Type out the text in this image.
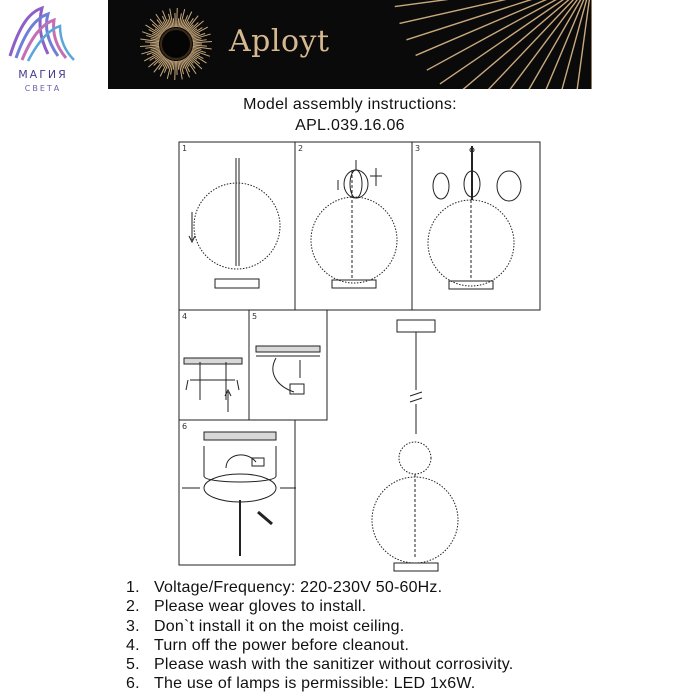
МАГИЯ
СВЕТА
Aployt
Model assembly instructions:
APL.039.16.06
1	2	3
4	5
6
1. Voltage/Frequency: 220-230V 50-60Hz.
2. Please wear gloves to install.
3. Don`t install it on the moist ceiling.
4. Turn off the power before cleanout.
5. Please wash with the sanitizer without corrosivity.
6. The use of lamps is permissible: LED 1x6W.
